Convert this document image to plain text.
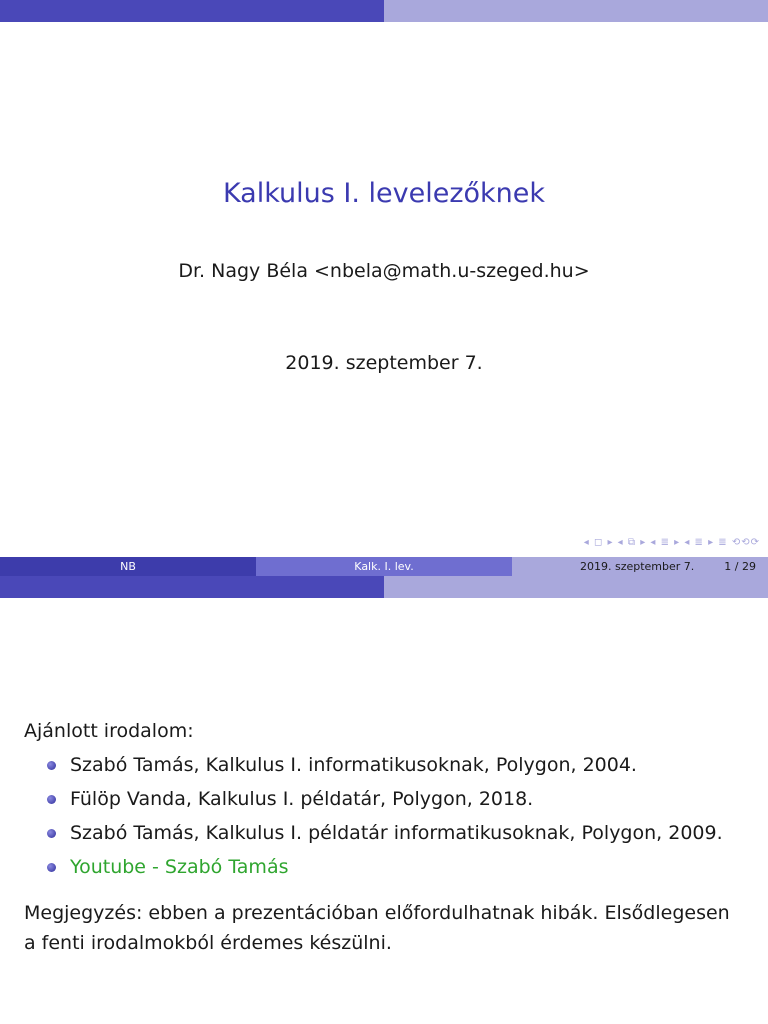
Kalkulus I. levelezőknek
Dr. Nagy Béla <nbela@math.u-szeged.hu>
2019. szeptember 7.
◂ ◻ ▸ ◂ ⧉ ▸ ◂ ≣ ▸ ◂ ≣ ▸ ≣ ⟲⟲⟳
NB	Kalk. I. lev.	2019. szeptember 7.	1 / 29
Ajánlott irodalom:
Szabó Tamás, Kalkulus I. informatikusoknak, Polygon, 2004.
Fülöp Vanda, Kalkulus I. példatár, Polygon, 2018.
Szabó Tamás, Kalkulus I. példatár informatikusoknak, Polygon, 2009.
Youtube - Szabó Tamás
Megjegyzés: ebben a prezentációban előfordulhatnak hibák. Elsődlegesen
a fenti irodalmokból érdemes készülni.
